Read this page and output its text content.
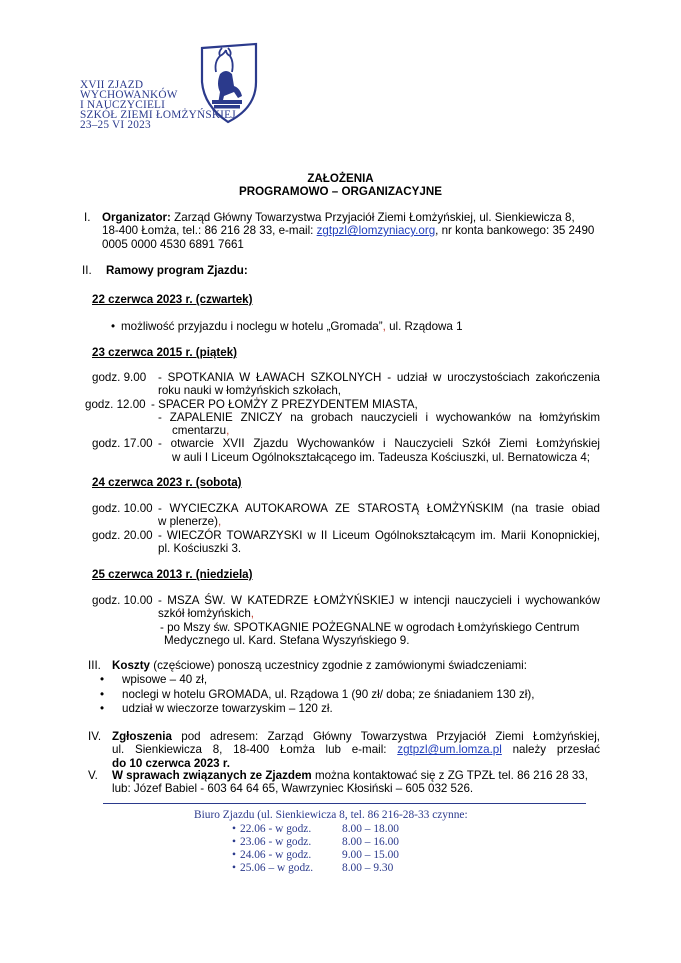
XVII ZJAZD
WYCHOWANKÓW
I NAUCZYCIELI
SZKÓŁ ZIEMI ŁOMŻYŃSKIEJ
23–25 VI 2023
ZAŁOŻENIA
PROGRAMOWO – ORGANIZACYJNE
I. Organizator: Zarząd Główny Towarzystwa Przyjaciół Ziemi Łomżyńskiej, ul. Sienkiewicza 8,
18-400 Łomża, tel.: 86 216 28 33, e-mail: zgtpzl@lomzyniacy.org, nr konta bankowego: 35 2490
0005 0000 4530 6891 7661
II. Ramowy program Zjazdu:
22 czerwca 2023 r. (czwartek)
• możliwość przyjazdu i noclegu w hotelu „Gromada”, ul. Rządowa 1
23 czerwca 2015 r. (piątek)
godz. 9.00	- SPOTKANIA W ŁAWACH SZKOLNYCH - udział w uroczystościach zakończenia
roku nauki w łomżyńskich szkołach,
godz. 12.00 - SPACER PO ŁOMŻY Z PREZYDENTEM MIASTA,
- ZAPALENIE ZNICZY na grobach nauczycieli i wychowanków na łomżyńskim
cmentarzu,
godz. 17.00 - otwarcie XVII Zjazdu Wychowanków i Nauczycieli Szkół Ziemi Łomżyńskiej
w auli I Liceum Ogólnokształcącego im. Tadeusza Kościuszki, ul. Bernatowicza 4;
24 czerwca 2023 r. (sobota)
godz. 10.00 - WYCIECZKA AUTOKAROWA ZE STAROSTĄ ŁOMŻYŃSKIM (na trasie obiad
w plenerze),
godz. 20.00 - WIECZÓR TOWARZYSKI w II Liceum Ogólnokształcącym im. Marii Konopnickiej,
pl. Kościuszki 3.
25 czerwca 2013 r. (niedziela)
godz. 10.00 - MSZA ŚW. W KATEDRZE ŁOMŻYŃSKIEJ w intencji nauczycieli i wychowanków
szkół łomżyńskich,
- po Mszy św. SPOTKAGNIE POŻEGNALNE w ogrodach Łomżyńskiego Centrum
Medycznego ul. Kard. Stefana Wyszyńskiego 9.
III. Koszty (częściowe) ponoszą uczestnicy zgodnie z zamówionymi świadczeniami:
• wpisowe – 40 zł,
• noclegi w hotelu GROMADA, ul. Rządowa 1 (90 zł/ doba; ze śniadaniem 130 zł),
• udział w wieczorze towarzyskim – 120 zł.
IV. Zgłoszenia pod adresem: Zarząd Główny Towarzystwa Przyjaciół Ziemi Łomżyńskiej,
ul. Sienkiewicza 8, 18-400 Łomża lub e-mail: zgtpzl@um.lomza.pl należy przesłać
do 10 czerwca 2023 r.
V.	W sprawach związanych ze Zjazdem można kontaktować się z ZG TPZŁ tel. 86 216 28 33,
lub: Józef Babiel - 603 64 64 65, Wawrzyniec Kłosiński – 605 032 526.
Biuro Zjazdu (ul. Sienkiewicza 8, tel. 86 216-28-33 czynne:
• 22.06 - w godz.	8.00 – 18.00
• 23.06 - w godz.	8.00 – 16.00
• 24.06 - w godz.	9.00 – 15.00
• 25.06 – w godz.	8.00 – 9.30
